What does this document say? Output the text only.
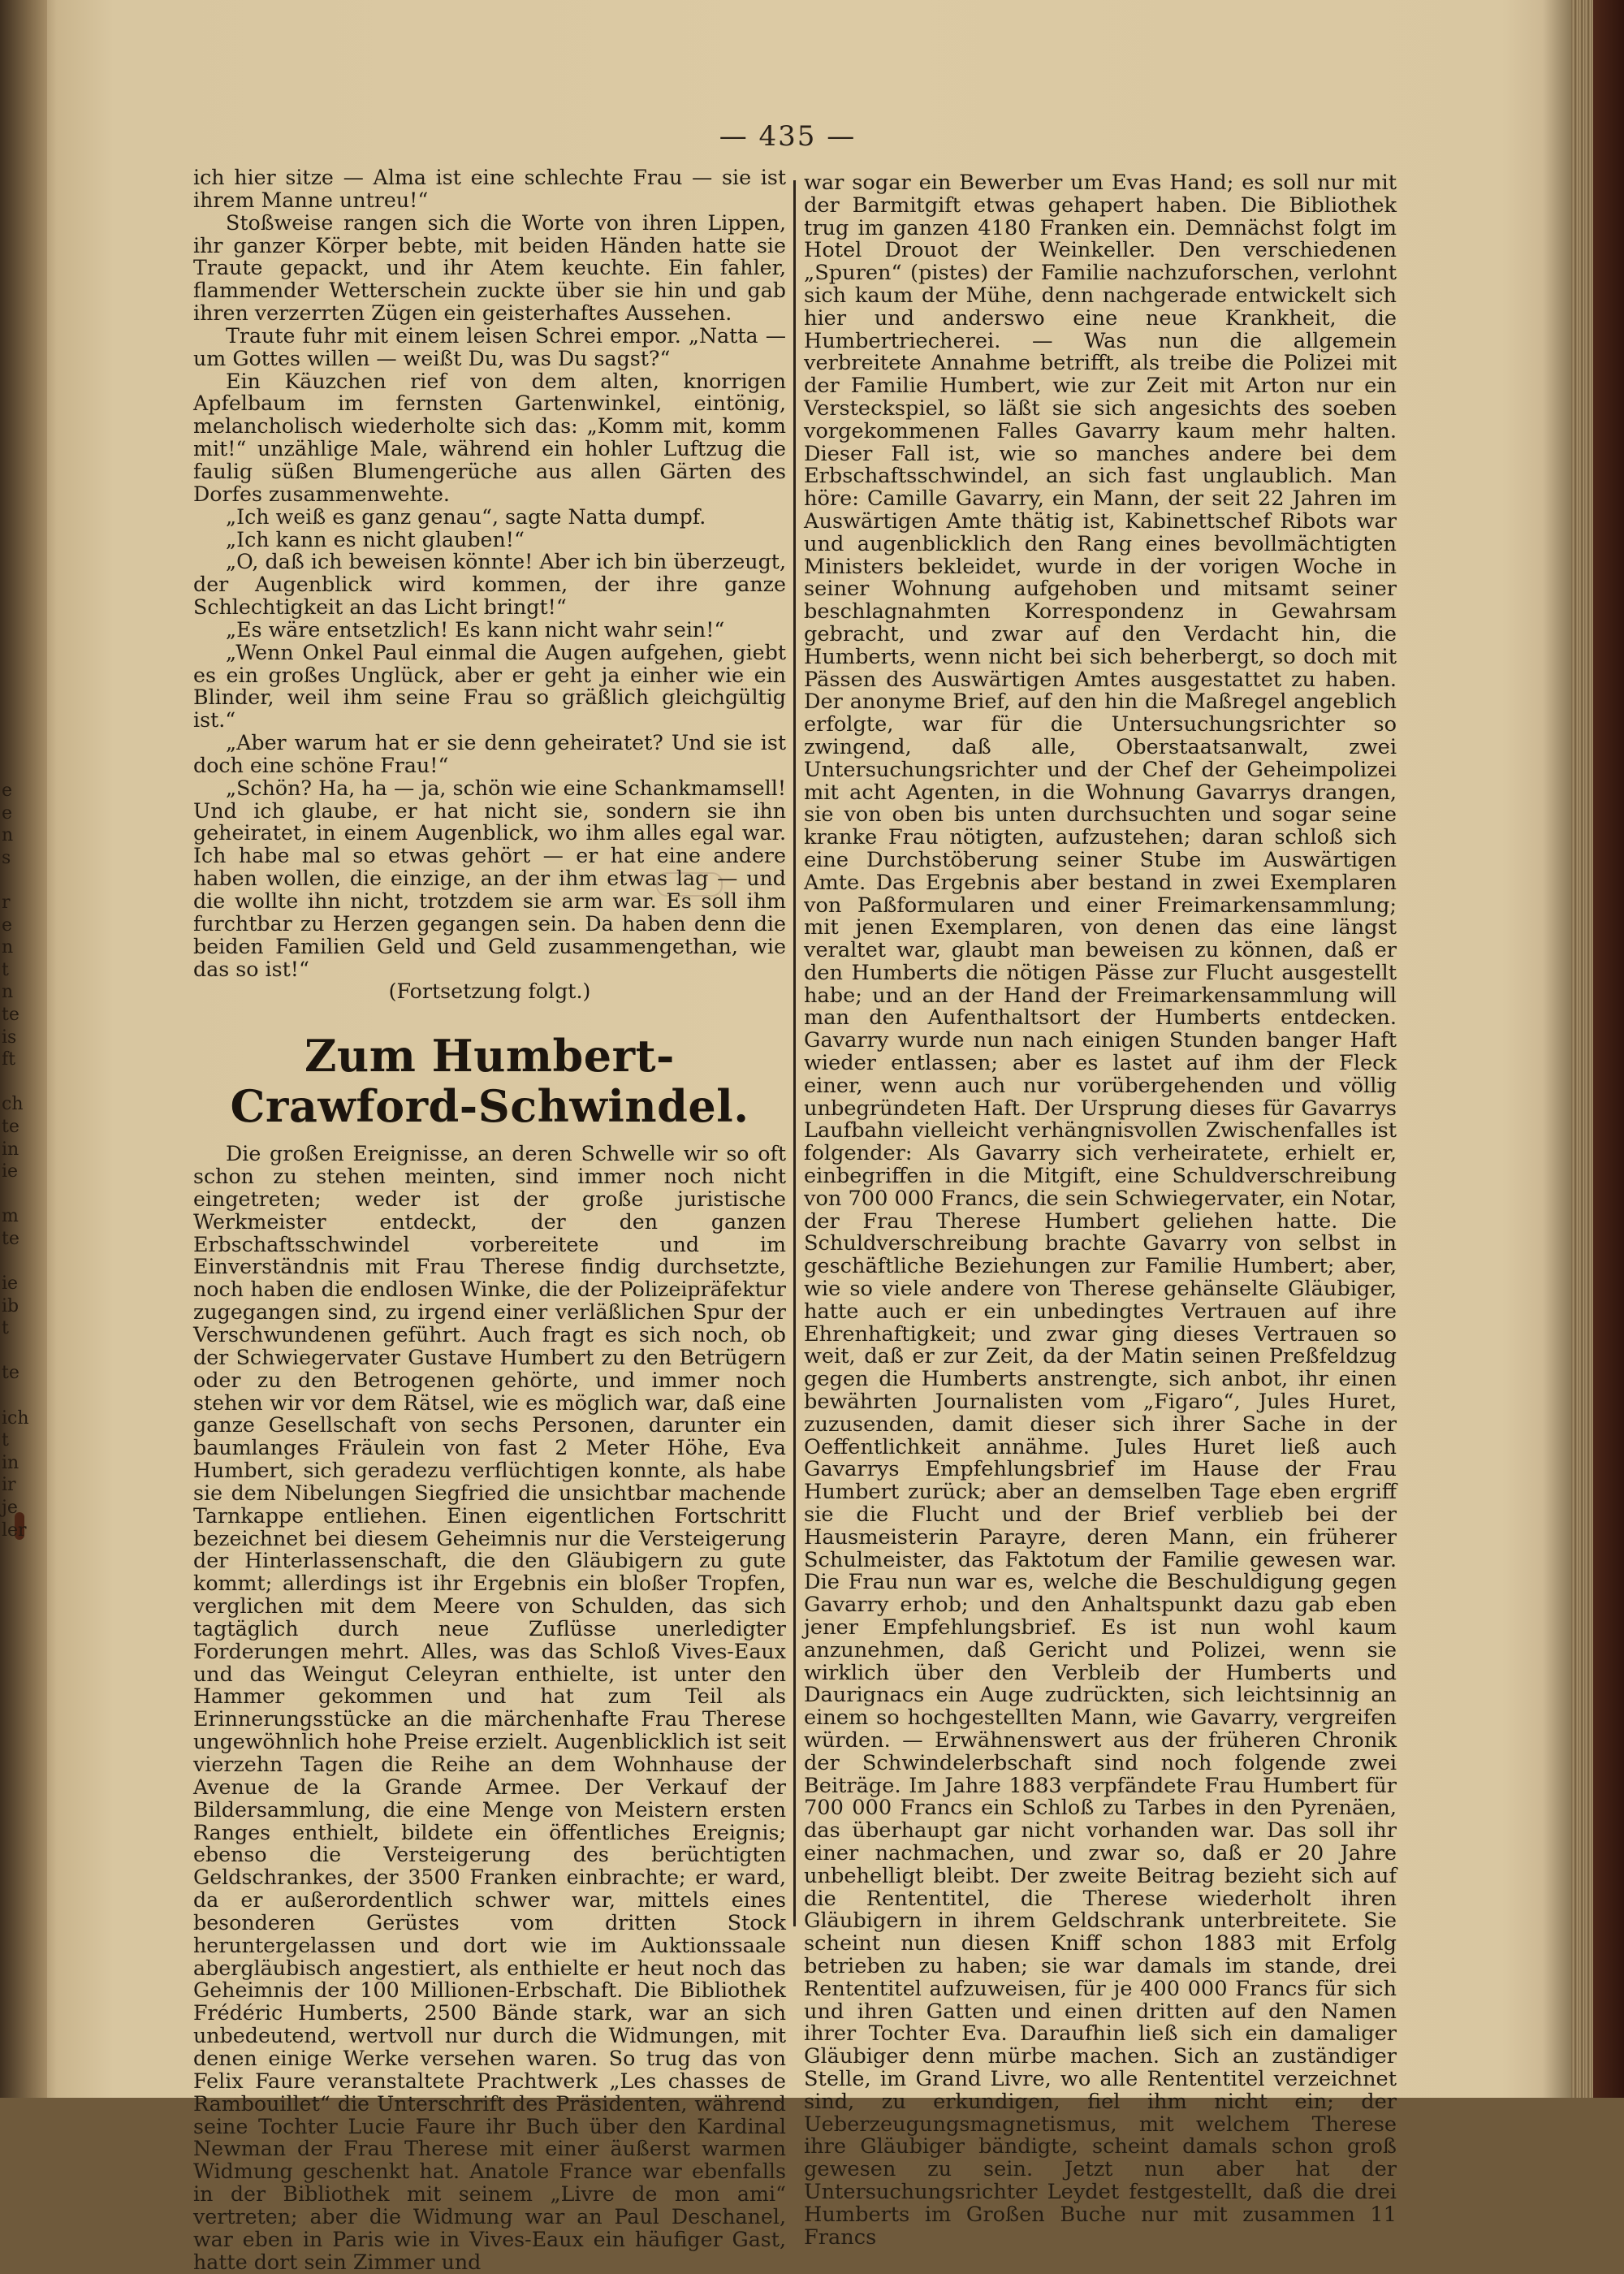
e
e
n
s
r
e
n
t
n
te
is
ft
ch
te
in
ie
m
te
ie
ib
t
te
ich
t
in
ir
je
ler
— 435 —

ich hier sitze — Alma ist eine schlechte Frau — sie ist ihrem Manne untreu!“

Stoßweise rangen sich die Worte von ihren Lippen, ihr ganzer Körper bebte, mit beiden Händen hatte sie Traute gepackt, und ihr Atem keuchte. Ein fahler, flammender Wetterschein zuckte über sie hin und gab ihren verzerrten Zügen ein geisterhaftes Aussehen.

Traute fuhr mit einem leisen Schrei empor. „Natta — um Gottes willen — weißt Du, was Du sagst?“

Ein Käuzchen rief von dem alten, knorrigen Apfelbaum im fernsten Gartenwinkel, eintönig, melancholisch wiederholte sich das: „Komm mit, komm mit!“ unzählige Male, während ein hohler Luftzug die faulig süßen Blumengerüche aus allen Gärten des Dorfes zusammenwehte.

„Ich weiß es ganz genau“, sagte Natta dumpf.

„Ich kann es nicht glauben!“

„O, daß ich beweisen könnte! Aber ich bin überzeugt, der Augenblick wird kommen, der ihre ganze Schlechtigkeit an das Licht bringt!“

„Es wäre entsetzlich! Es kann nicht wahr sein!“

„Wenn Onkel Paul einmal die Augen aufgehen, giebt es ein großes Unglück, aber er geht ja einher wie ein Blinder, weil ihm seine Frau so gräßlich gleichgültig ist.“

„Aber warum hat er sie denn geheiratet? Und sie ist doch eine schöne Frau!“

„Schön? Ha, ha — ja, schön wie eine Schankmamsell! Und ich glaube, er hat nicht sie, sondern sie ihn geheiratet, in einem Augenblick, wo ihm alles egal war. Ich habe mal so etwas gehört — er hat eine andere haben wollen, die einzige, an der ihm etwas lag — und die wollte ihn nicht, trotzdem sie arm war. Es soll ihm furchtbar zu Herzen gegangen sein. Da haben denn die beiden Familien Geld und Geld zusammengethan, wie das so ist!“

(Fortsetzung folgt.)

Zum Humbert-Crawford-Schwindel.

Die großen Ereignisse, an deren Schwelle wir so oft schon zu stehen meinten, sind immer noch nicht eingetreten; weder ist der große juristische Werkmeister entdeckt, der den ganzen Erbschaftsschwindel vorbereitete und im Einverständnis mit Frau Therese findig durchsetzte, noch haben die endlosen Winke, die der Polizeipräfektur zugegangen sind, zu irgend einer verläßlichen Spur der Verschwundenen geführt. Auch fragt es sich noch, ob der Schwiegervater Gustave Humbert zu den Betrügern oder zu den Betrogenen gehörte, und immer noch stehen wir vor dem Rätsel, wie es möglich war, daß eine ganze Gesellschaft von sechs Personen, darunter ein baumlanges Fräulein von fast 2 Meter Höhe, Eva Humbert, sich geradezu verflüchtigen konnte, als habe sie dem Nibelungen Siegfried die unsichtbar machende Tarnkappe entliehen. Einen eigentlichen Fortschritt bezeichnet bei diesem Geheimnis nur die Versteigerung der Hinterlassenschaft, die den Gläubigern zu gute kommt; allerdings ist ihr Ergebnis ein bloßer Tropfen, verglichen mit dem Meere von Schulden, das sich tagtäglich durch neue Zuflüsse unerledigter Forderungen mehrt. Alles, was das Schloß Vives-Eaux und das Weingut Celeyran enthielte, ist unter den Hammer gekommen und hat zum Teil als Erinnerungsstücke an die märchenhafte Frau Therese ungewöhnlich hohe Preise erzielt. Augenblicklich ist seit vierzehn Tagen die Reihe an dem Wohnhause der Avenue de la Grande Armee. Der Verkauf der Bildersammlung, die eine Menge von Meistern ersten Ranges enthielt, bildete ein öffentliches Ereignis; ebenso die Versteigerung des berüchtigten Geldschrankes, der 3500 Franken einbrachte; er ward, da er außerordentlich schwer war, mittels eines besonderen Gerüstes vom dritten Stock heruntergelassen und dort wie im Auktionssaale abergläubisch angestiert, als enthielte er heut noch das Geheimnis der 100 Millionen-Erbschaft. Die Bibliothek Frédéric Humberts, 2500 Bände stark, war an sich unbedeutend, wertvoll nur durch die Widmungen, mit denen einige Werke versehen waren. So trug das von Felix Faure veranstaltete Prachtwerk „Les chasses de Rambouillet“ die Unterschrift des Präsidenten, während seine Tochter Lucie Faure ihr Buch über den Kardinal Newman der Frau Therese mit einer äußerst warmen Widmung geschenkt hat. Anatole France war ebenfalls in der Bibliothek mit seinem „Livre de mon ami“ vertreten; aber die Widmung war an Paul Deschanel, war eben in Paris wie in Vives-Eaux ein häufiger Gast, hatte dort sein Zimmer und

war sogar ein Bewerber um Evas Hand; es soll nur mit der Barmitgift etwas gehapert haben. Die Bibliothek trug im ganzen 4180 Franken ein. Demnächst folgt im Hotel Drouot der Weinkeller. Den verschiedenen „Spuren“ (pistes) der Familie nachzuforschen, verlohnt sich kaum der Mühe, denn nachgerade entwickelt sich hier und anderswo eine neue Krankheit, die Humbertriecherei. — Was nun die allgemein verbreitete Annahme betrifft, als treibe die Polizei mit der Familie Humbert, wie zur Zeit mit Arton nur ein Versteckspiel, so läßt sie sich angesichts des soeben vorgekommenen Falles Gavarry kaum mehr halten. Dieser Fall ist, wie so manches andere bei dem Erbschaftsschwindel, an sich fast unglaublich. Man höre: Camille Gavarry, ein Mann, der seit 22 Jahren im Auswärtigen Amte thätig ist, Kabinettschef Ribots war und augenblicklich den Rang eines bevollmächtigten Ministers bekleidet, wurde in der vorigen Woche in seiner Wohnung aufgehoben und mitsamt seiner beschlagnahmten Korrespondenz in Gewahrsam gebracht, und zwar auf den Verdacht hin, die Humberts, wenn nicht bei sich beherbergt, so doch mit Pässen des Auswärtigen Amtes ausgestattet zu haben. Der anonyme Brief, auf den hin die Maßregel angeblich erfolgte, war für die Untersuchungsrichter so zwingend, daß alle, Oberstaatsanwalt, zwei Untersuchungsrichter und der Chef der Geheimpolizei mit acht Agenten, in die Wohnung Gavarrys drangen, sie von oben bis unten durchsuchten und sogar seine kranke Frau nötigten, aufzustehen; daran schloß sich eine Durchstöberung seiner Stube im Auswärtigen Amte. Das Ergebnis aber bestand in zwei Exemplaren von Paßformularen und einer Freimarkensammlung; mit jenen Exemplaren, von denen das eine längst veraltet war, glaubt man beweisen zu können, daß er den Humberts die nötigen Pässe zur Flucht ausgestellt habe; und an der Hand der Freimarkensammlung will man den Aufenthaltsort der Humberts entdecken. Gavarry wurde nun nach einigen Stunden banger Haft wieder entlassen; aber es lastet auf ihm der Fleck einer, wenn auch nur vorübergehenden und völlig unbegründeten Haft. Der Ursprung dieses für Gavarrys Laufbahn vielleicht verhängnisvollen Zwischenfalles ist folgender: Als Gavarry sich verheiratete, erhielt er, einbegriffen in die Mitgift, eine Schuldverschreibung von 700 000 Francs, die sein Schwiegervater, ein Notar, der Frau Therese Humbert geliehen hatte. Die Schuldverschreibung brachte Gavarry von selbst in geschäftliche Beziehungen zur Familie Humbert; aber, wie so viele andere von Therese gehänselte Gläubiger, hatte auch er ein unbedingtes Vertrauen auf ihre Ehrenhaftigkeit; und zwar ging dieses Vertrauen so weit, daß er zur Zeit, da der Matin seinen Preßfeldzug gegen die Humberts anstrengte, sich anbot, ihr einen bewährten Journalisten vom „Figaro“, Jules Huret, zuzusenden, damit dieser sich ihrer Sache in der Oeffentlichkeit annähme. Jules Huret ließ auch Gavarrys Empfehlungsbrief im Hause der Frau Humbert zurück; aber an demselben Tage eben ergriff sie die Flucht und der Brief verblieb bei der Hausmeisterin Parayre, deren Mann, ein früherer Schulmeister, das Faktotum der Familie gewesen war. Die Frau nun war es, welche die Beschuldigung gegen Gavarry erhob; und den Anhaltspunkt dazu gab eben jener Empfehlungsbrief. Es ist nun wohl kaum anzunehmen, daß Gericht und Polizei, wenn sie wirklich über den Verbleib der Humberts und Daurignacs ein Auge zudrückten, sich leichtsinnig an einem so hochgestellten Mann, wie Gavarry, vergreifen würden. — Erwähnenswert aus der früheren Chronik der Schwindelerbschaft sind noch folgende zwei Beiträge. Im Jahre 1883 verpfändete Frau Humbert für 700 000 Francs ein Schloß zu Tarbes in den Pyrenäen, das überhaupt gar nicht vorhanden war. Das soll ihr einer nachmachen, und zwar so, daß er 20 Jahre unbehelligt bleibt. Der zweite Beitrag bezieht sich auf die Rententitel, die Therese wiederholt ihren Gläubigern in ihrem Geldschrank unterbreitete. Sie scheint nun diesen Kniff schon 1883 mit Erfolg betrieben zu haben; sie war damals im stande, drei Rententitel aufzuweisen, für je 400 000 Francs für sich und ihren Gatten und einen dritten auf den Namen ihrer Tochter Eva. Daraufhin ließ sich ein damaliger Gläubiger denn mürbe machen. Sich an zuständiger Stelle, im Grand Livre, wo alle Rententitel verzeichnet sind, zu erkundigen, fiel ihm nicht ein; der Ueberzeugungsmagnetismus, mit welchem Therese ihre Gläubiger bändigte, scheint damals schon groß gewesen zu sein. Jetzt nun aber hat der Untersuchungsrichter Leydet festgestellt, daß die drei Humberts im Großen Buche nur mit zusammen 11 Francs
